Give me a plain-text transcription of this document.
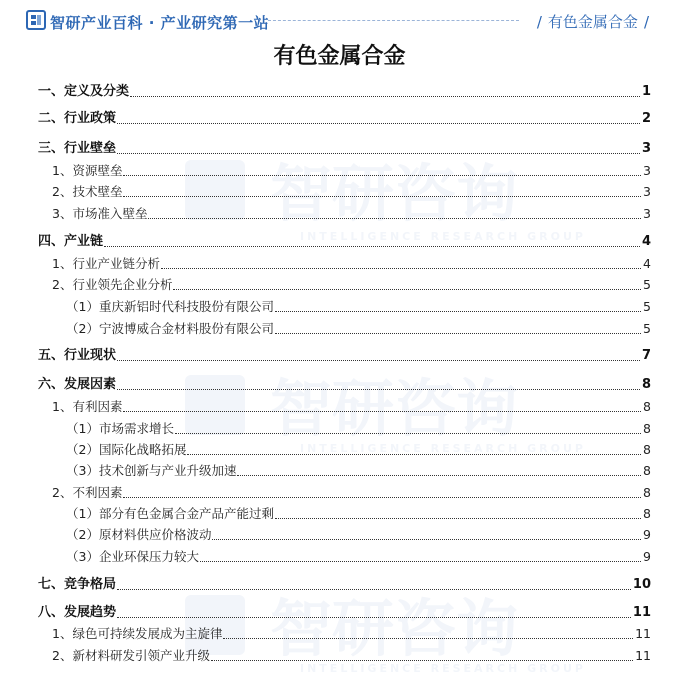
智研产业百科 · 产业研究第一站	/ 有色金属合金 /
智研咨询
INTELLIGENCE RESEARCH GROUP
智研咨询
INTELLIGENCE RESEARCH GROUP
智研咨询
INTELLIGENCE RESEARCH GROUP
有色金属合金
一、定义及分类	1
二、行业政策	2
三、行业壁垒	3
1、资源壁垒	3
2、技术壁垒	3
3、市场准入壁垒	3
四、产业链	4
1、行业产业链分析	4
2、行业领先企业分析	5
（1）重庆新铝时代科技股份有限公司	5
（2）宁波博威合金材料股份有限公司	5
五、行业现状	7
六、发展因素	8
1、有利因素	8
（1）市场需求增长	8
（2）国际化战略拓展	8
（3）技术创新与产业升级加速	8
2、不利因素	8
（1）部分有色金属合金产品产能过剩	8
（2）原材料供应价格波动	9
（3）企业环保压力较大	9
七、竞争格局	10
八、发展趋势	11
1、绿色可持续发展成为主旋律	11
2、新材料研发引领产业升级	11
